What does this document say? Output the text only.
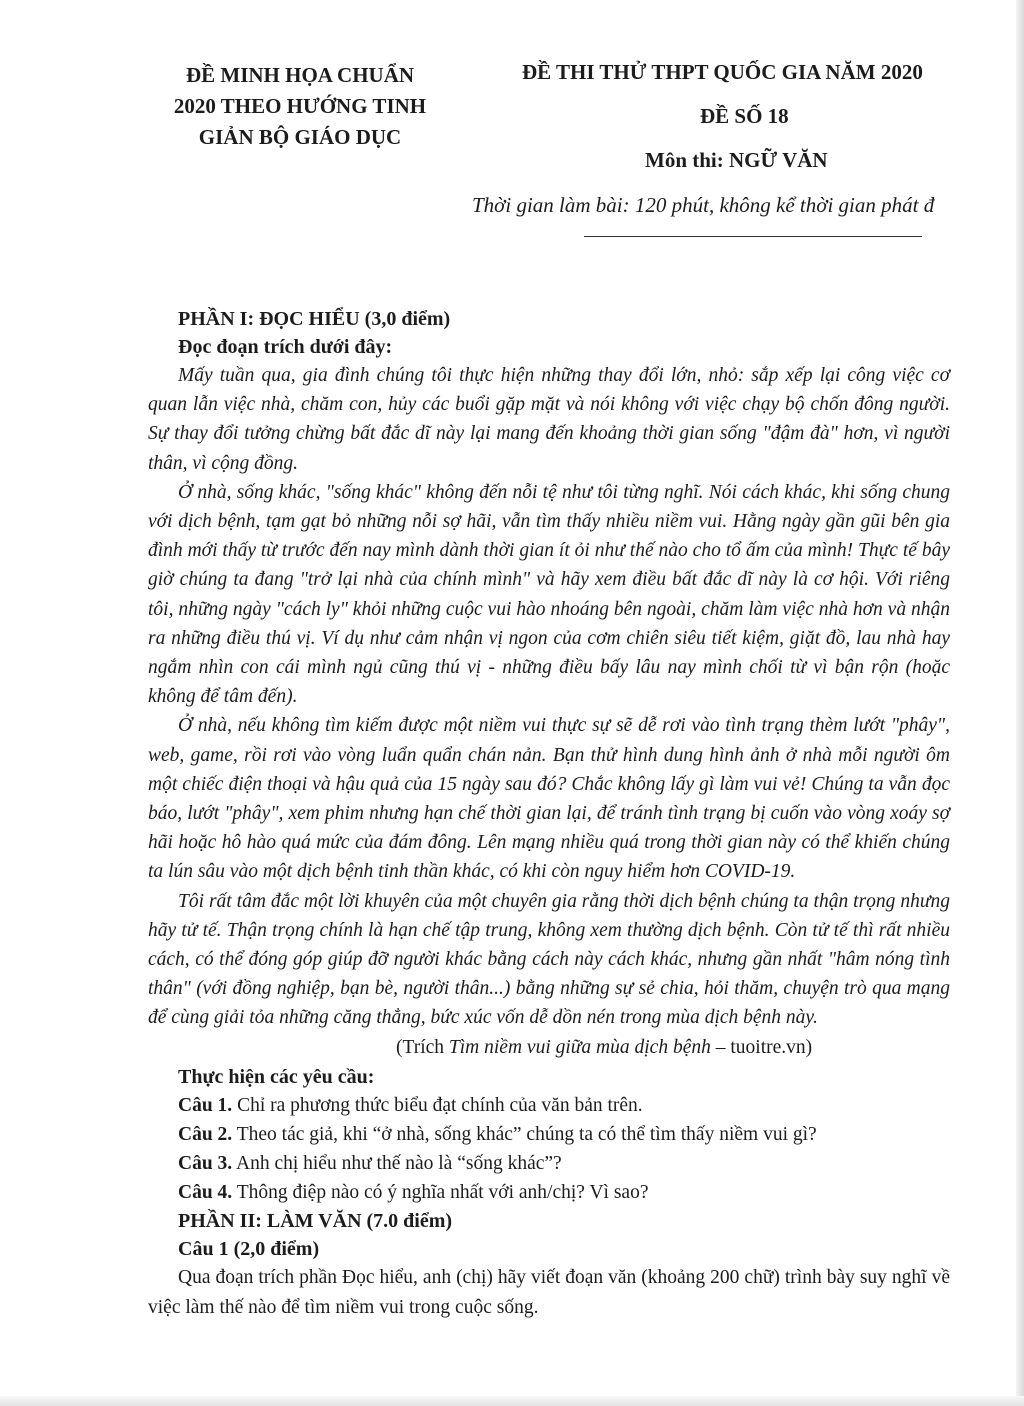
ĐỀ MINH HỌA CHUẨN
2020 THEO HƯỚNG TINH
GIẢN BỘ GIÁO DỤC
ĐỀ THI THỬ THPT QUỐC GIA NĂM 2020
ĐỀ SỐ 18
Môn thi: NGỮ VĂN
Thời gian làm bài: 120 phút, không kể thời gian phát đ
PHẦN I: ĐỌC HIỂU (3,0 điểm)
Đọc đoạn trích dưới đây:
Mấy tuần qua, gia đình chúng tôi thực hiện những thay đổi lớn, nhỏ: sắp xếp lại công việc cơ quan lẫn việc nhà, chăm con, hủy các buổi gặp mặt và nói không với việc chạy bộ chốn đông người. Sự thay đổi tưởng chừng bất đắc dĩ này lại mang đến khoảng thời gian sống "đậm đà" hơn, vì người thân, vì cộng đồng.
Ở nhà, sống khác, "sống khác" không đến nỗi tệ như tôi từng nghĩ. Nói cách khác, khi sống chung với dịch bệnh, tạm gạt bỏ những nỗi sợ hãi, vẫn tìm thấy nhiều niềm vui. Hằng ngày gần gũi bên gia đình mới thấy từ trước đến nay mình dành thời gian ít ỏi như thế nào cho tổ ấm của mình! Thực tế bây giờ chúng ta đang "trở lại nhà của chính mình" và hãy xem điều bất đắc dĩ này là cơ hội. Với riêng tôi, những ngày "cách ly" khỏi những cuộc vui hào nhoáng bên ngoài, chăm làm việc nhà hơn và nhận ra những điều thú vị. Ví dụ như cảm nhận vị ngon của cơm chiên siêu tiết kiệm, giặt đồ, lau nhà hay ngắm nhìn con cái mình ngủ cũng thú vị - những điều bấy lâu nay mình chối từ vì bận rộn (hoặc không để tâm đến).
Ở nhà, nếu không tìm kiếm được một niềm vui thực sự sẽ dễ rơi vào tình trạng thèm lướt "phây", web, game, rồi rơi vào vòng luẩn quẩn chán nản. Bạn thử hình dung hình ảnh ở nhà mỗi người ôm một chiếc điện thoại và hậu quả của 15 ngày sau đó? Chắc không lấy gì làm vui vẻ! Chúng ta vẫn đọc báo, lướt "phây", xem phim nhưng hạn chế thời gian lại, để tránh tình trạng bị cuốn vào vòng xoáy sợ hãi hoặc hô hào quá mức của đám đông. Lên mạng nhiều quá trong thời gian này có thể khiến chúng ta lún sâu vào một dịch bệnh tinh thần khác, có khi còn nguy hiểm hơn COVID-19.
Tôi rất tâm đắc một lời khuyên của một chuyên gia rằng thời dịch bệnh chúng ta thận trọng nhưng hãy tử tế. Thận trọng chính là hạn chế tập trung, không xem thường dịch bệnh. Còn tử tế thì rất nhiều cách, có thể đóng góp giúp đỡ người khác bằng cách này cách khác, nhưng gần nhất "hâm nóng tình thân" (với đồng nghiệp, bạn bè, người thân...) bằng những sự sẻ chia, hỏi thăm, chuyện trò qua mạng để cùng giải tỏa những căng thẳng, bức xúc vốn dễ dồn nén trong mùa dịch bệnh này.
(Trích Tìm niềm vui giữa mùa dịch bệnh – tuoitre.vn)
Thực hiện các yêu cầu:
Câu 1. Chỉ ra phương thức biểu đạt chính của văn bản trên.
Câu 2. Theo tác giả, khi “ở nhà, sống khác” chúng ta có thể tìm thấy niềm vui gì?
Câu 3. Anh chị hiểu như thế nào là “sống khác”?
Câu 4. Thông điệp nào có ý nghĩa nhất với anh/chị? Vì sao?
PHẦN II: LÀM VĂN (7.0 điểm)
Câu 1 (2,0 điểm)
Qua đoạn trích phần Đọc hiểu, anh (chị) hãy viết đoạn văn (khoảng 200 chữ) trình bày suy nghĩ về việc làm thế nào để tìm niềm vui trong cuộc sống.
